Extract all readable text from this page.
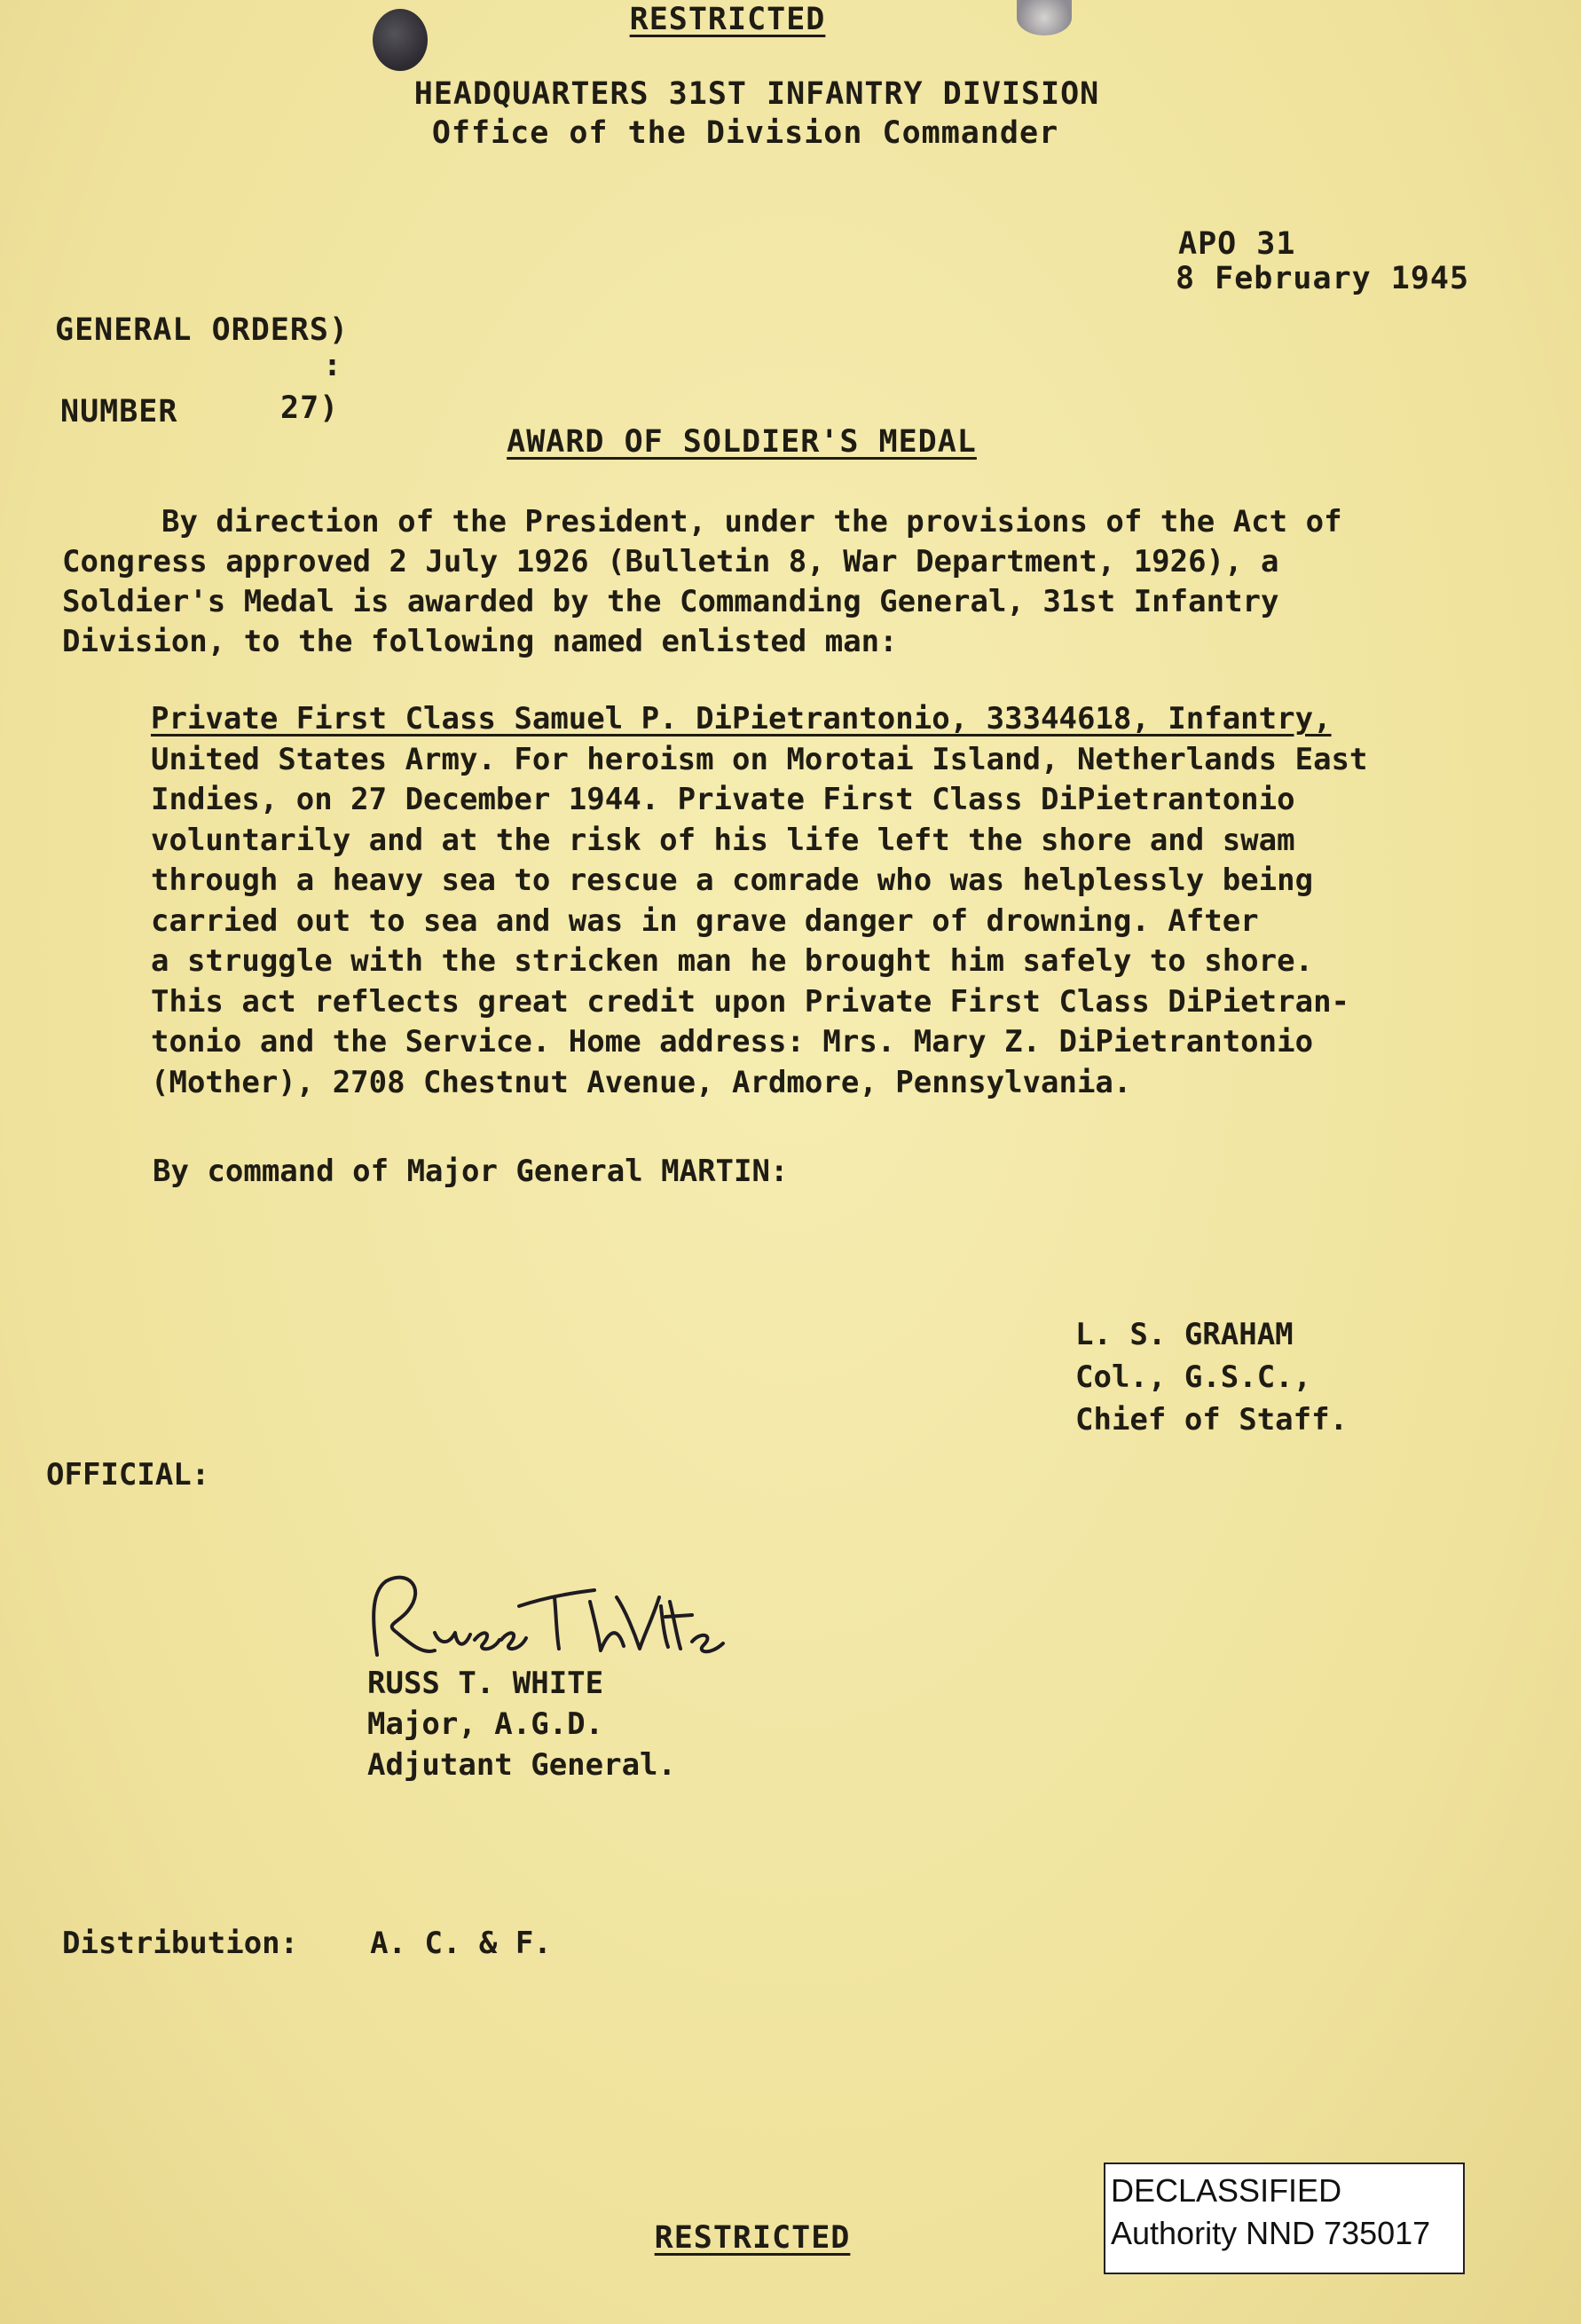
RESTRICTED
HEADQUARTERS 31ST INFANTRY DIVISION
Office of the Division Commander
APO 31
8 February 1945
GENERAL ORDERS)
:
NUMBER	27)
AWARD OF SOLDIER'S MEDAL
By direction of the President, under the provisions of the Act of
Congress approved 2 July 1926 (Bulletin 8, War Department, 1926), a
Soldier's Medal is awarded by the Commanding General, 31st Infantry
Division, to the following named enlisted man:
Private First Class Samuel P. DiPietrantonio, 33344618, Infantry,
United States Army. For heroism on Morotai Island, Netherlands East
Indies, on 27 December 1944. Private First Class DiPietrantonio
voluntarily and at the risk of his life left the shore and swam
through a heavy sea to rescue a comrade who was helplessly being
carried out to sea and was in grave danger of drowning. After
a struggle with the stricken man he brought him safely to shore.
This act reflects great credit upon Private First Class DiPietran-
tonio and the Service. Home address: Mrs. Mary Z. DiPietrantonio
(Mother), 2708 Chestnut Avenue, Ardmore, Pennsylvania.
By command of Major General MARTIN:
L. S. GRAHAM
Col., G.S.C.,
Chief of Staff.
OFFICIAL:
RUSS T. WHITE
Major, A.G.D.
Adjutant General.
Distribution: A. C. & F.
DECLASSIFIED
Authority NND 735017
RESTRICTED
